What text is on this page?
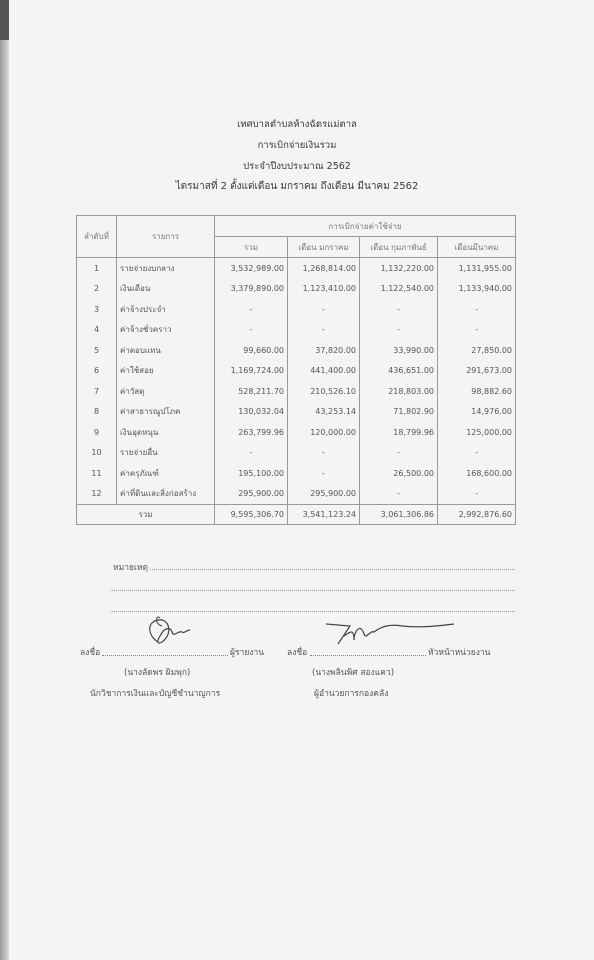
เทศบาลตำบลห้างฉัตรแม่ตาล
การเบิกจ่ายเงินรวม
ประจำปีงบประมาณ 2562
ไตรมาสที่ 2 ตั้งแต่เดือน มกราคม ถึงเดือน มีนาคม 2562
ลำดับที่	รายการ	การเบิกจ่ายค่าใช้จ่าย			
		รวม	เดือน มกราคม	เดือน กุมภาพันธ์	เดือนมีนาคม
1	รายจ่ายงบกลาง	3,532,989.00	1,268,814.00	1,132,220.00	1,131,955.00
2	เงินเดือน	3,379,890.00	1,123,410.00	1,122,540.00	1,133,940.00
3	ค่าจ้างประจำ	-	-	-	-
4	ค่าจ้างชั่วคราว	-	-	-	-
5	ค่าตอบแทน	99,660.00	37,820.00	33,990.00	27,850.00
6	ค่าใช้สอย	1,169,724.00	441,400.00	436,651.00	291,673.00
7	ค่าวัสดุ	528,211.70	210,526.10	218,803.00	98,882.60
8	ค่าสาธารณูปโภค	130,032.04	43,253.14	71,802.90	14,976.00
9	เงินอุดหนุน	263,799.96	120,000.00	18,799.96	125,000.00
10	รายจ่ายอื่น	-	-	-	-
11	ค่าครุภัณฑ์	195,100.00	-	26,500.00	168,600.00
12	ค่าที่ดินและสิ่งก่อสร้าง	295,900.00	295,900.00	-	-
รวม		9,595,306.70	3,541,123.24	3,061,306.86	2,992,876.60
หมายเหตุ
ลงชื่อ	ผู้รายงาน
(นางลัดพร ผิมพุก)
นักวิชาการเงินและบัญชีชำนาญการ
ลงชื่อ	หัวหน้าหน่วยงาน
(นางพลินพิศ สองแคว)
ผู้อำนวยการกองคลัง
